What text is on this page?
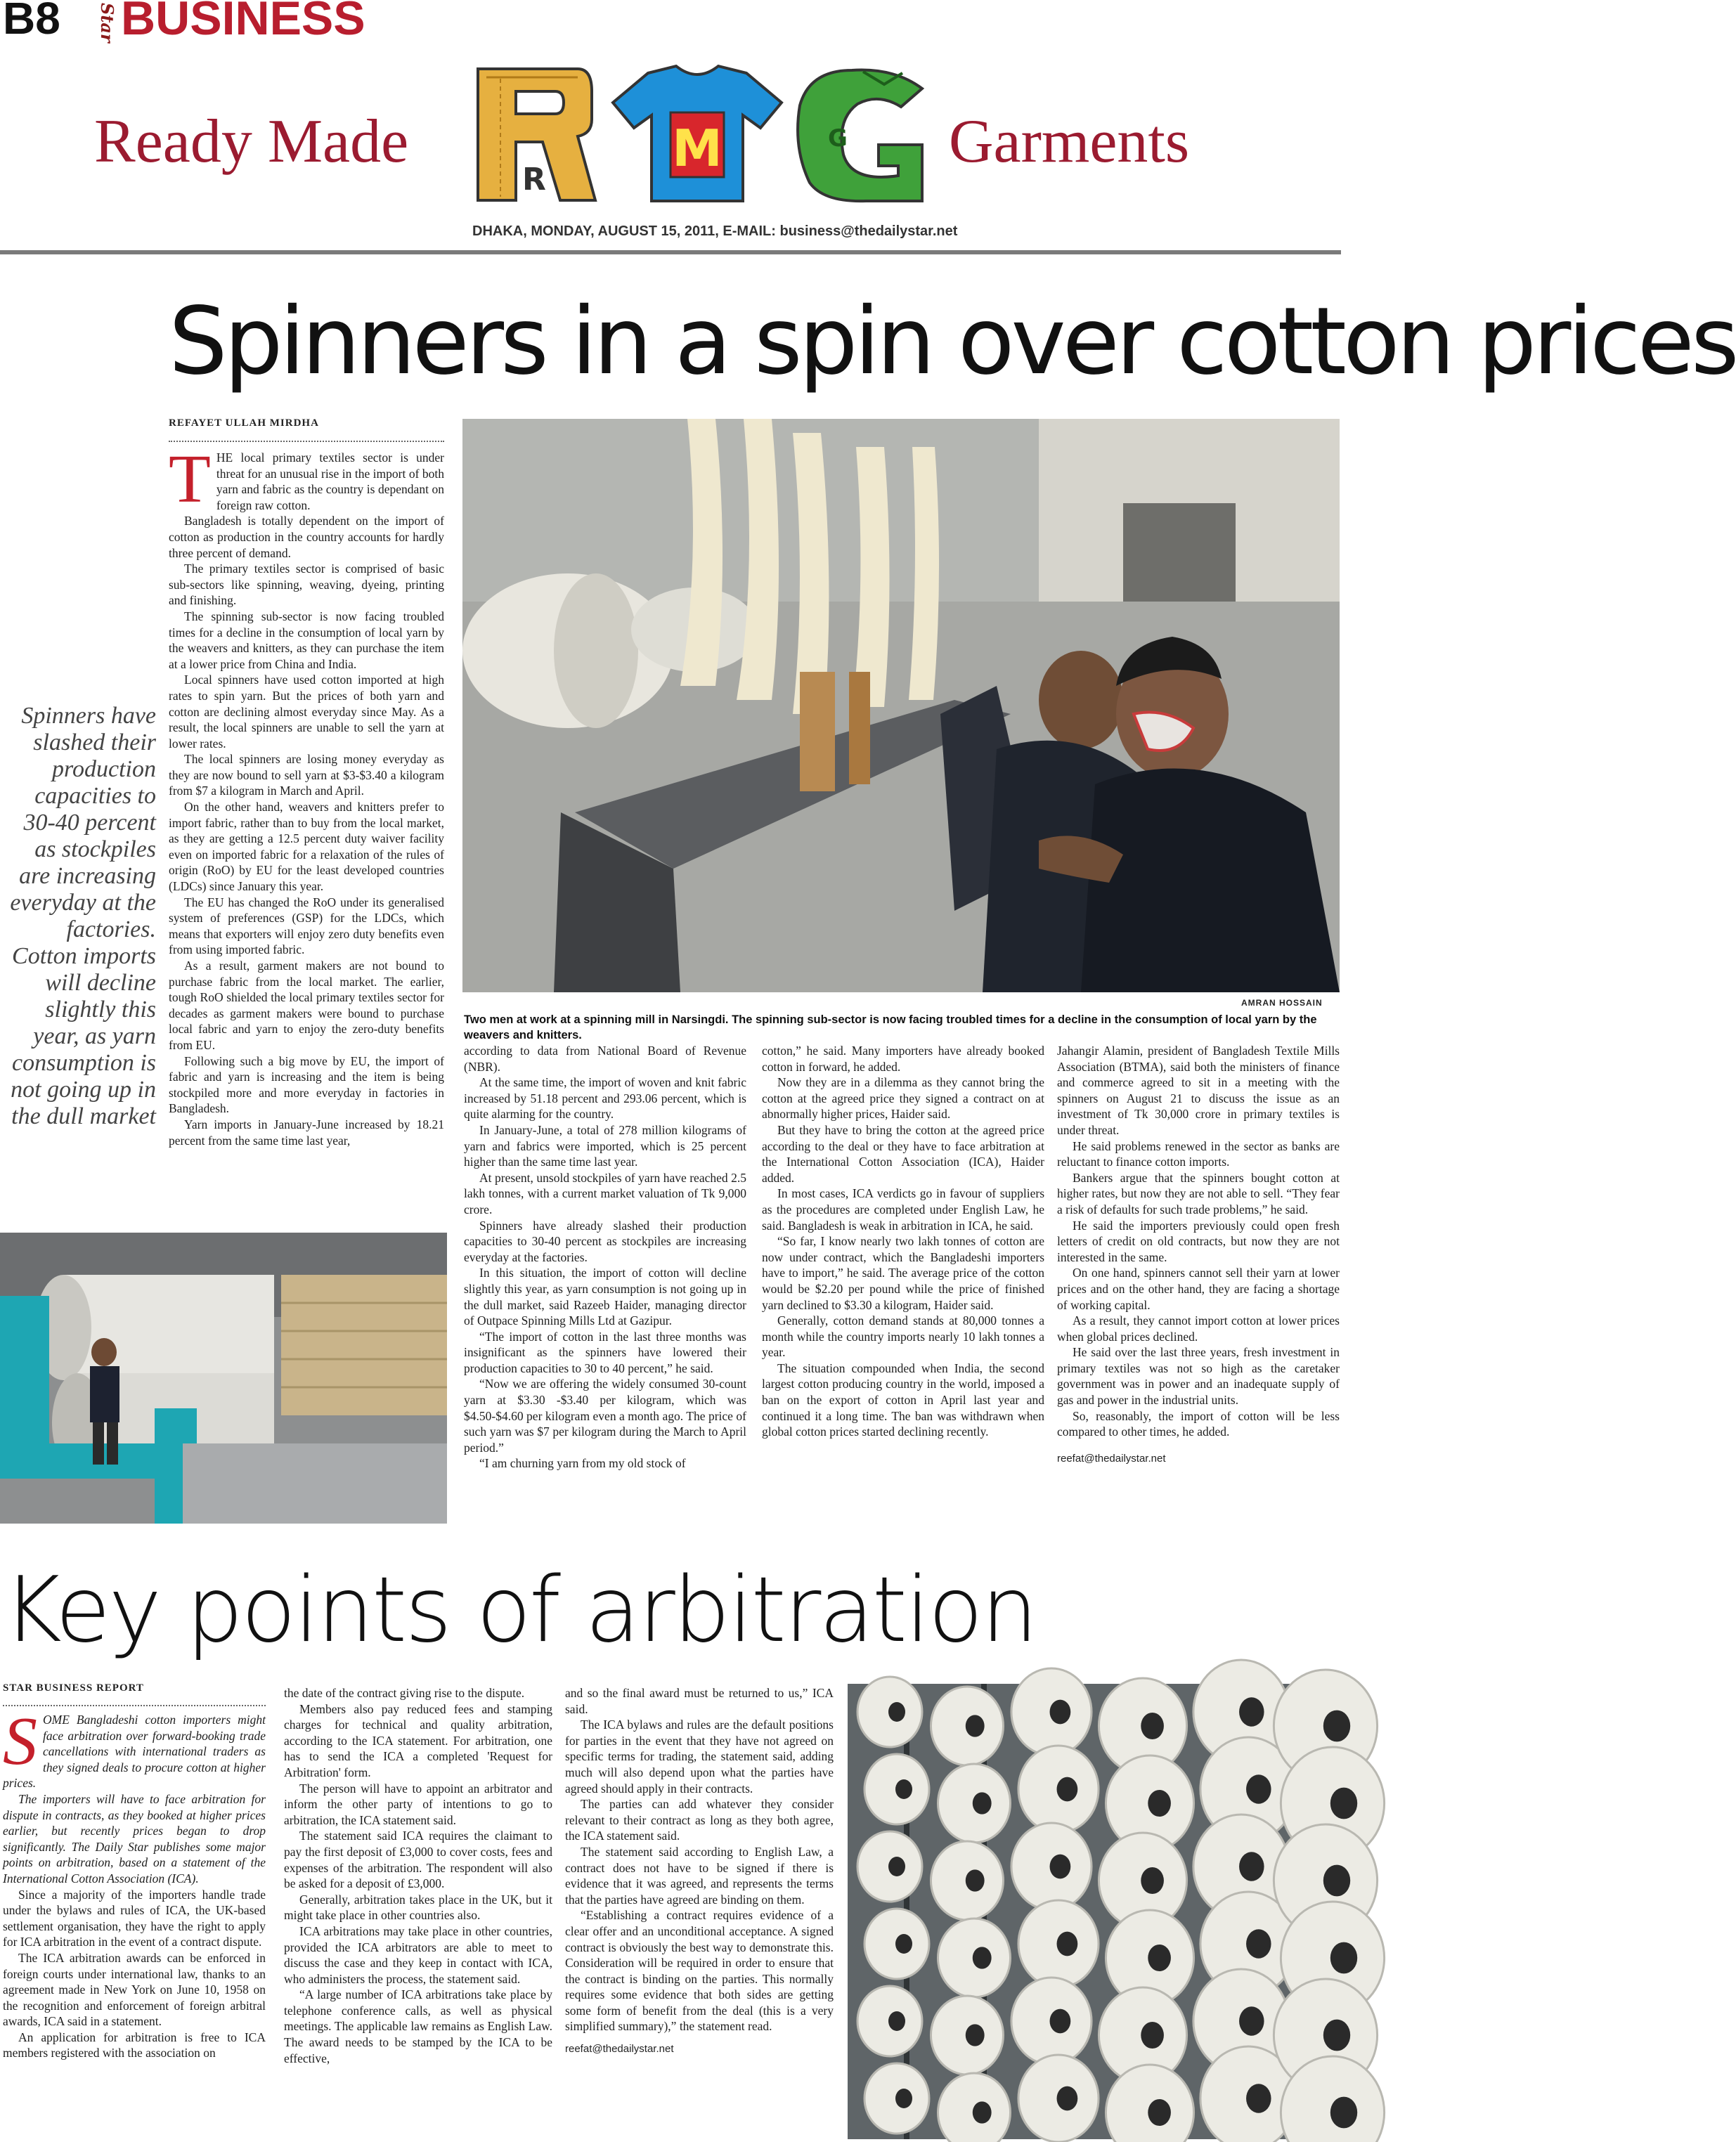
B8 Star BUSINESS
Ready Made	Garments
R
M	G
DHAKA, MONDAY, AUGUST 15, 2011, E-MAIL: business@thedailystar.net
Spinners in a spin over cotton prices
REFAYET ULLAH MIRDHA

THE local primary textiles sector is under threat for an unusual rise in the import of both yarn and fabric as the country is dependant on foreign raw cotton.

Bangladesh is totally dependent on the import of cotton as production in the country accounts for hardly three percent of demand.

The primary textiles sector is comprised of basic sub-sectors like spinning, weaving, dyeing, printing and finishing.

The spinning sub-sector is now facing troubled times for a decline in the consumption of local yarn by the weavers and knitters, as they can purchase the item at a lower price from China and India.

Local spinners have used cotton imported at high rates to spin yarn. But the prices of both yarn and cotton are declining almost everyday since May. As a result, the local spinners are unable to sell the yarn at lower rates.

The local spinners are losing money everyday as they are now bound to sell yarn at $3-$3.40 a kilogram from $7 a kilogram in March and April.

On the other hand, weavers and knitters prefer to import fabric, rather than to buy from the local market, as they are getting a 12.5 percent duty waiver facility even on imported fabric for a relaxation of the rules of origin (RoO) by EU for the least developed countries (LDCs) since January this year.

The EU has changed the RoO under its generalised system of preferences (GSP) for the LDCs, which means that exporters will enjoy zero duty benefits even from using imported fabric.

As a result, garment makers are not bound to purchase fabric from the local market. The earlier, tough RoO shielded the local primary textiles sector for decades as garment makers were bound to purchase local fabric and yarn to enjoy the zero-duty benefits from EU.

Following such a big move by EU, the import of fabric and yarn is increasing and the item is being stockpiled more and more everyday in factories in Bangladesh.

Yarn imports in January-June increased by 18.21 percent from the same time last year,

Spinners have slashed their production capacities to 30-40 percent as stockpiles are increasing everyday at the factories. Cotton imports will decline slightly this year, as yarn consumption is not going up in the dull market
AMRAN HOSSAIN
Two men at work at a spinning mill in Narsingdi. The spinning sub-sector is now facing troubled times for a decline in the consumption of local yarn by the weavers and knitters.

according to data from National Board of Revenue (NBR).

At the same time, the import of woven and knit fabric increased by 51.18 percent and 293.06 percent, which is quite alarming for the country.

In January-June, a total of 278 million kilograms of yarn and fabrics were imported, which is 25 percent higher than the same time last year.

At present, unsold stockpiles of yarn have reached 2.5 lakh tonnes, with a current market valuation of Tk 9,000 crore.

Spinners have already slashed their production capacities to 30-40 percent as stockpiles are increasing everyday at the factories.

In this situation, the import of cotton will decline slightly this year, as yarn consumption is not going up in the dull market, said Razeeb Haider, managing director of Outpace Spinning Mills Ltd at Gazipur.

“The import of cotton in the last three months was insignificant as the spinners have lowered their production capacities to 30 to 40 percent,” he said.

“Now we are offering the widely consumed 30-count yarn at $3.30 -$3.40 per kilogram, which was $4.50-$4.60 per kilogram even a month ago. The price of such yarn was $7 per kilogram during the March to April period.”

“I am churning yarn from my old stock of

cotton,” he said. Many importers have already booked cotton in forward, he added.

Now they are in a dilemma as they cannot bring the cotton at the agreed price they signed a contract on at abnormally higher prices, Haider said.

But they have to bring the cotton at the agreed price according to the deal or they have to face arbitration at the International Cotton Association (ICA), Haider added.

In most cases, ICA verdicts go in favour of suppliers as the procedures are completed under English Law, he said. Bangladesh is weak in arbitration in ICA, he said.

“So far, I know nearly two lakh tonnes of cotton are now under contract, which the Bangladeshi importers have to import,” he said. The average price of the cotton would be $2.20 per pound while the price of finished yarn declined to $3.30 a kilogram, Haider said.

Generally, cotton demand stands at 80,000 tonnes a month while the country imports nearly 10 lakh tonnes a year.

The situation compounded when India, the second largest cotton producing country in the world, imposed a ban on the export of cotton in April last year and continued it a long time. The ban was withdrawn when global cotton prices started declining recently.

Jahangir Alamin, president of Bangladesh Textile Mills Association (BTMA), said both the ministers of finance and commerce agreed to sit in a meeting with the spinners on August 21 to discuss the issue as an investment of Tk 30,000 crore in primary textiles is under threat.

He said problems renewed in the sector as banks are reluctant to finance cotton imports.

Bankers argue that the spinners bought cotton at higher rates, but now they are not able to sell. “They fear a risk of defaults for such trade problems,” he said.

He said the importers previously could open fresh letters of credit on old contracts, but now they are not interested in the same.

On one hand, spinners cannot sell their yarn at lower prices and on the other hand, they are facing a shortage of working capital.

As a result, they cannot import cotton at lower prices when global prices declined.

He said over the last three years, fresh investment in primary textiles was not so high as the caretaker government was in power and an inadequate supply of gas and power in the industrial units.

So, reasonably, the import of cotton will be less compared to other times, he added.

reefat@thedailystar.net

Key points of arbitration
STAR BUSINESS REPORT

SOME Bangladeshi cotton importers might face arbitration over forward-booking trade cancellations with international traders as they signed deals to procure cotton at higher prices.

The importers will have to face arbitration for dispute in contracts, as they booked at higher prices earlier, but recently prices began to drop significantly. The Daily Star publishes some major points on arbitration, based on a statement of the International Cotton Association (ICA).

Since a majority of the importers handle trade under the bylaws and rules of ICA, the UK-based settlement organisation, they have the right to apply for ICA arbitration in the event of a contract dispute.

The ICA arbitration awards can be enforced in foreign courts under international law, thanks to an agreement made in New York on June 10, 1958 on the recognition and enforcement of foreign arbitral awards, ICA said in a statement.

An application for arbitration is free to ICA members registered with the association on

the date of the contract giving rise to the dispute.

Members also pay reduced fees and stamping charges for technical and quality arbitration, according to the ICA statement. For arbitration, one has to send the ICA a completed 'Request for Arbitration' form.

The person will have to appoint an arbitrator and inform the other party of intentions to go to arbitration, the ICA statement said.

The statement said ICA requires the claimant to pay the first deposit of £3,000 to cover costs, fees and expenses of the arbitration. The respondent will also be asked for a deposit of £3,000.

Generally, arbitration takes place in the UK, but it might take place in other countries also.

ICA arbitrations may take place in other countries, provided the ICA arbitrators are able to meet to discuss the case and they keep in contact with ICA, who administers the process, the statement said.

“A large number of ICA arbitrations take place by telephone conference calls, as well as physical meetings. The applicable law remains as English Law. The award needs to be stamped by the ICA to be effective,

and so the final award must be returned to us,” ICA said.

The ICA bylaws and rules are the default positions for parties in the event that they have not agreed on specific terms for trading, the statement said, adding much will also depend upon what the parties have agreed should apply in their contracts.

The parties can add whatever they consider relevant to their contract as long as they both agree, the ICA statement said.

The statement said according to English Law, a contract does not have to be signed if there is evidence that it was agreed, and represents the terms that the parties have agreed are binding on them.

“Establishing a contract requires evidence of a clear offer and an unconditional acceptance. A signed contract is obviously the best way to demonstrate this. Consideration will be required in order to ensure that the contract is binding on the parties. This normally requires some evidence that both sides are getting some form of benefit from the deal (this is a very simplified summary),” the statement read.

reefat@thedailystar.net
